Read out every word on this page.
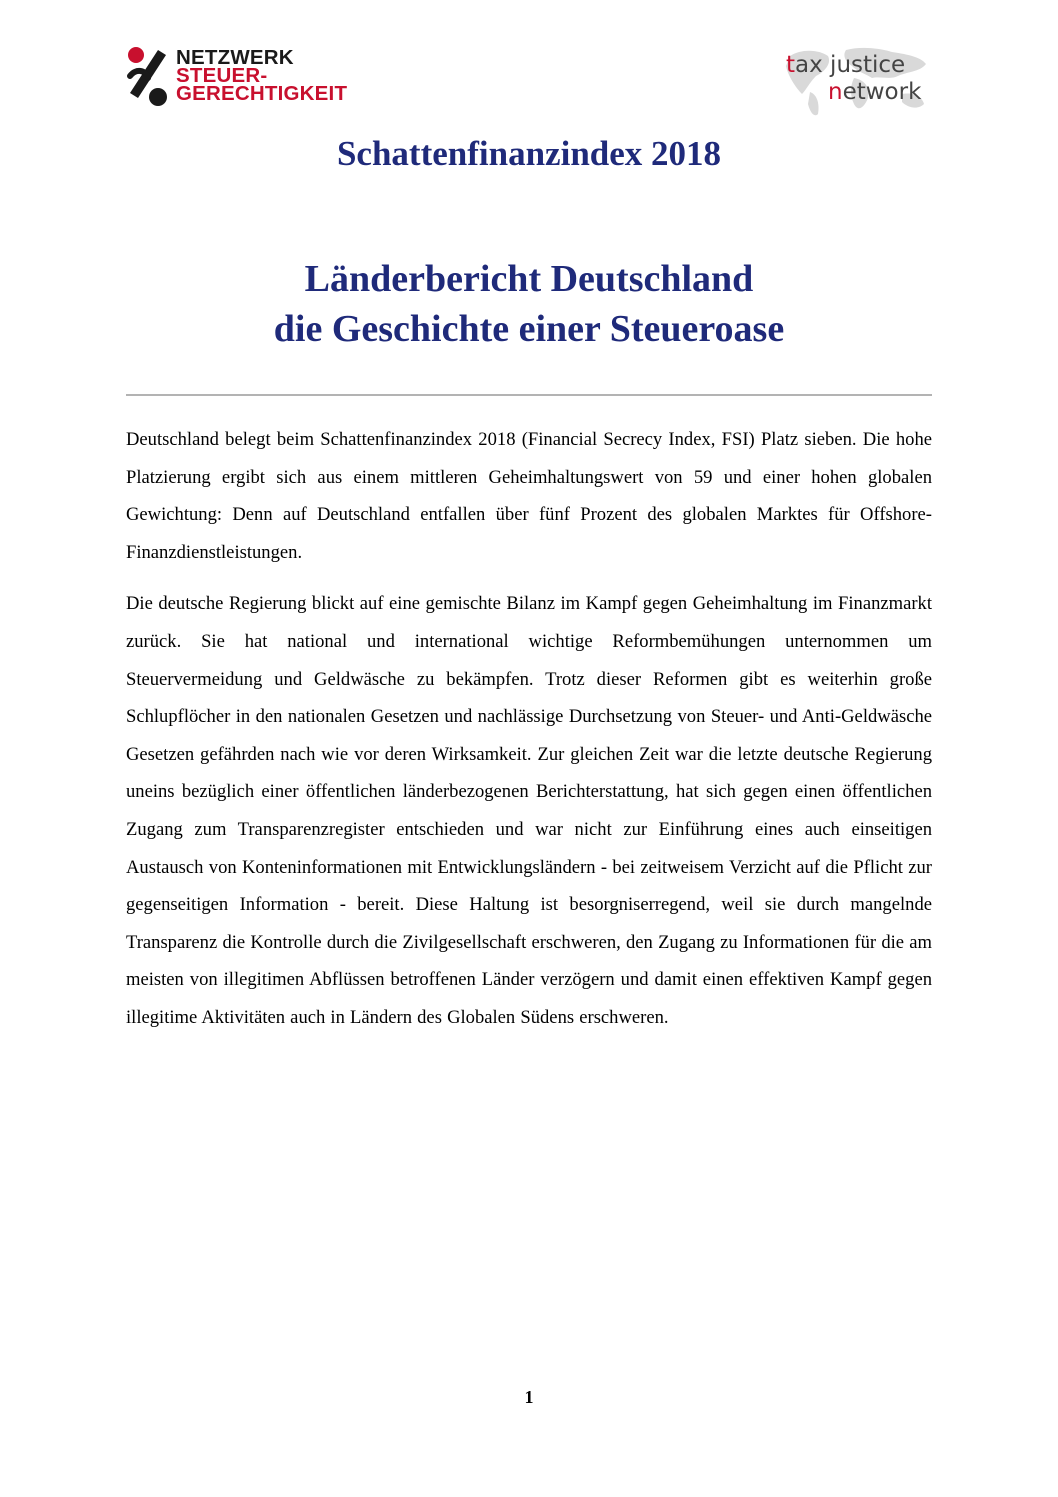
NETZWERK
STEUER-
GERECHTIGKEIT
tax justice
network
Schattenfinanzindex 2018
Länderbericht Deutschland
die Geschichte einer Steueroase

Deutschland belegt beim Schattenfinanzindex 2018 (Financial Secrecy Index, FSI) Platz sieben. Die hohe Platzierung ergibt sich aus einem mittleren Geheimhaltungswert von 59 und einer hohen globalen Gewichtung: Denn auf Deutschland entfallen über fünf Prozent des globalen Marktes für Offshore-Finanzdienstleistungen.

Die deutsche Regierung blickt auf eine gemischte Bilanz im Kampf gegen Geheimhaltung im Finanzmarkt zurück. Sie hat national und international wichtige Reformbemühungen unternommen um Steuervermeidung und Geldwäsche zu bekämpfen. Trotz dieser Reformen gibt es weiterhin große Schlupflöcher in den nationalen Gesetzen und nachlässige Durchsetzung von Steuer- und Anti-Geldwäsche Gesetzen gefährden nach wie vor deren Wirksamkeit. Zur gleichen Zeit war die letzte deutsche Regierung uneins bezüglich einer öffentlichen länderbezogenen Berichterstattung, hat sich gegen einen öffentlichen Zugang zum Transparenzregister entschieden und war nicht zur Einführung eines auch einseitigen Austausch von Konteninformationen mit Entwicklungsländern - bei zeitweisem Verzicht auf die Pflicht zur gegenseitigen Information - bereit. Diese Haltung ist besorgniserregend, weil sie durch mangelnde Transparenz die Kontrolle durch die Zivilgesellschaft erschweren, den Zugang zu Informationen für die am meisten von illegitimen Abflüssen betroffenen Länder verzögern und damit einen effektiven Kampf gegen illegitime Aktivitäten auch in Ländern des Globalen Südens erschweren.

1
